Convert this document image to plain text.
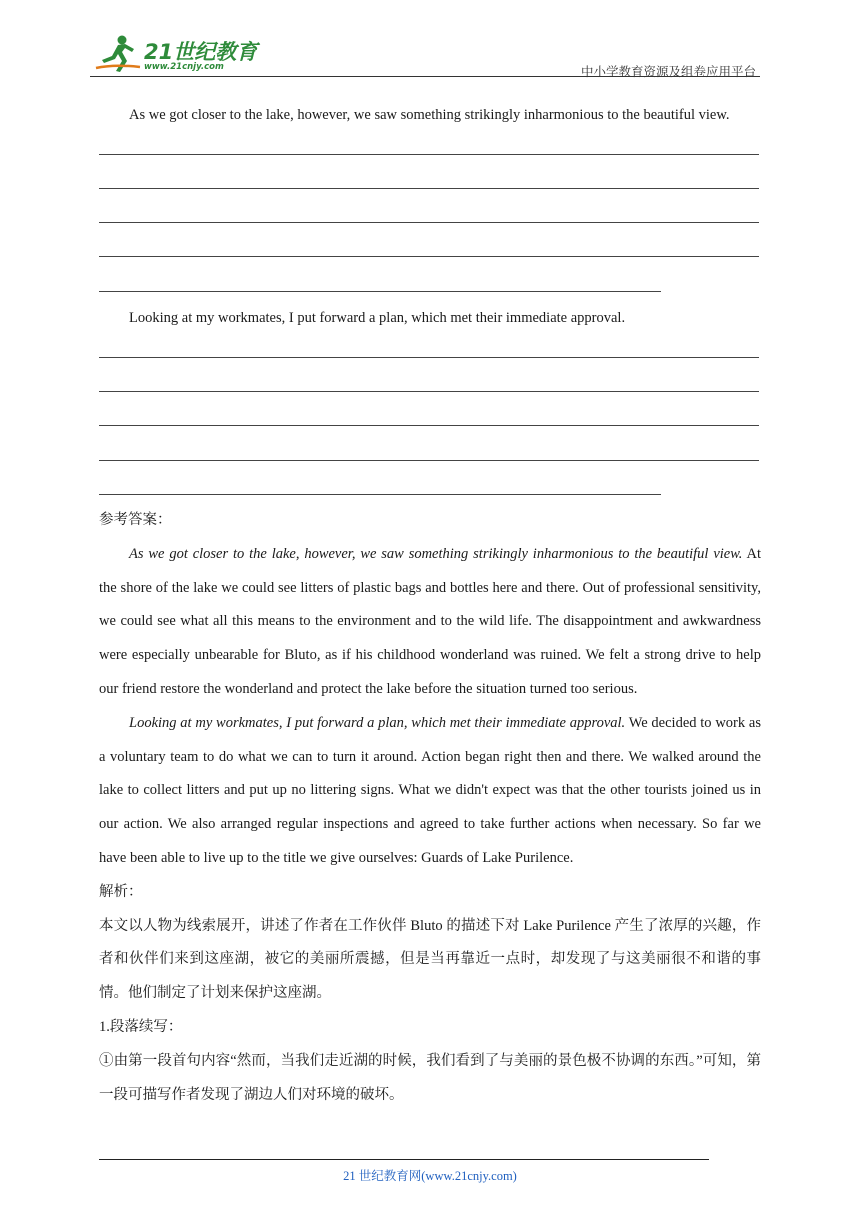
21世纪教育
www.21cnjy.com	中小学教育资源及组卷应用平台
As we got closer to the lake, however, we saw something strikingly inharmonious to the beautiful view.
Looking at my workmates, I put forward a plan, which met their immediate approval.

参考答案：

As we got closer to the lake, however, we saw something strikingly inharmonious to the beautiful view. At the shore of the lake we could see litters of plastic bags and bottles here and there. Out of professional sensitivity, we could see what all this means to the environment and to the wild life. The disappointment and awkwardness were especially unbearable for Bluto, as if his childhood wonderland was ruined. We felt a strong drive to help our friend restore the wonderland and protect the lake before the situation turned too serious.

Looking at my workmates, I put forward a plan, which met their immediate approval. We decided to work as a voluntary team to do what we can to turn it around. Action began right then and there. We walked around the lake to collect litters and put up no littering signs. What we didn't expect was that the other tourists joined us in our action. We also arranged regular inspections and agreed to take further actions when necessary. So far we have been able to live up to the title we give ourselves: Guards of Lake Purilence.

解析：

本文以人物为线索展开，讲述了作者在工作伙伴 Bluto 的描述下对 Lake Purilence 产生了浓厚的兴趣，作者和伙伴们来到这座湖，被它的美丽所震撼，但是当再靠近一点时，却发现了与这美丽很不和谐的事情。他们制定了计划来保护这座湖。

1.段落续写：

①由第一段首句内容“然而，当我们走近湖的时候，我们看到了与美丽的景色极不协调的东西。”可知，第一段可描写作者发现了湖边人们对环境的破坏。

21 世纪教育网(www.21cnjy.com)
